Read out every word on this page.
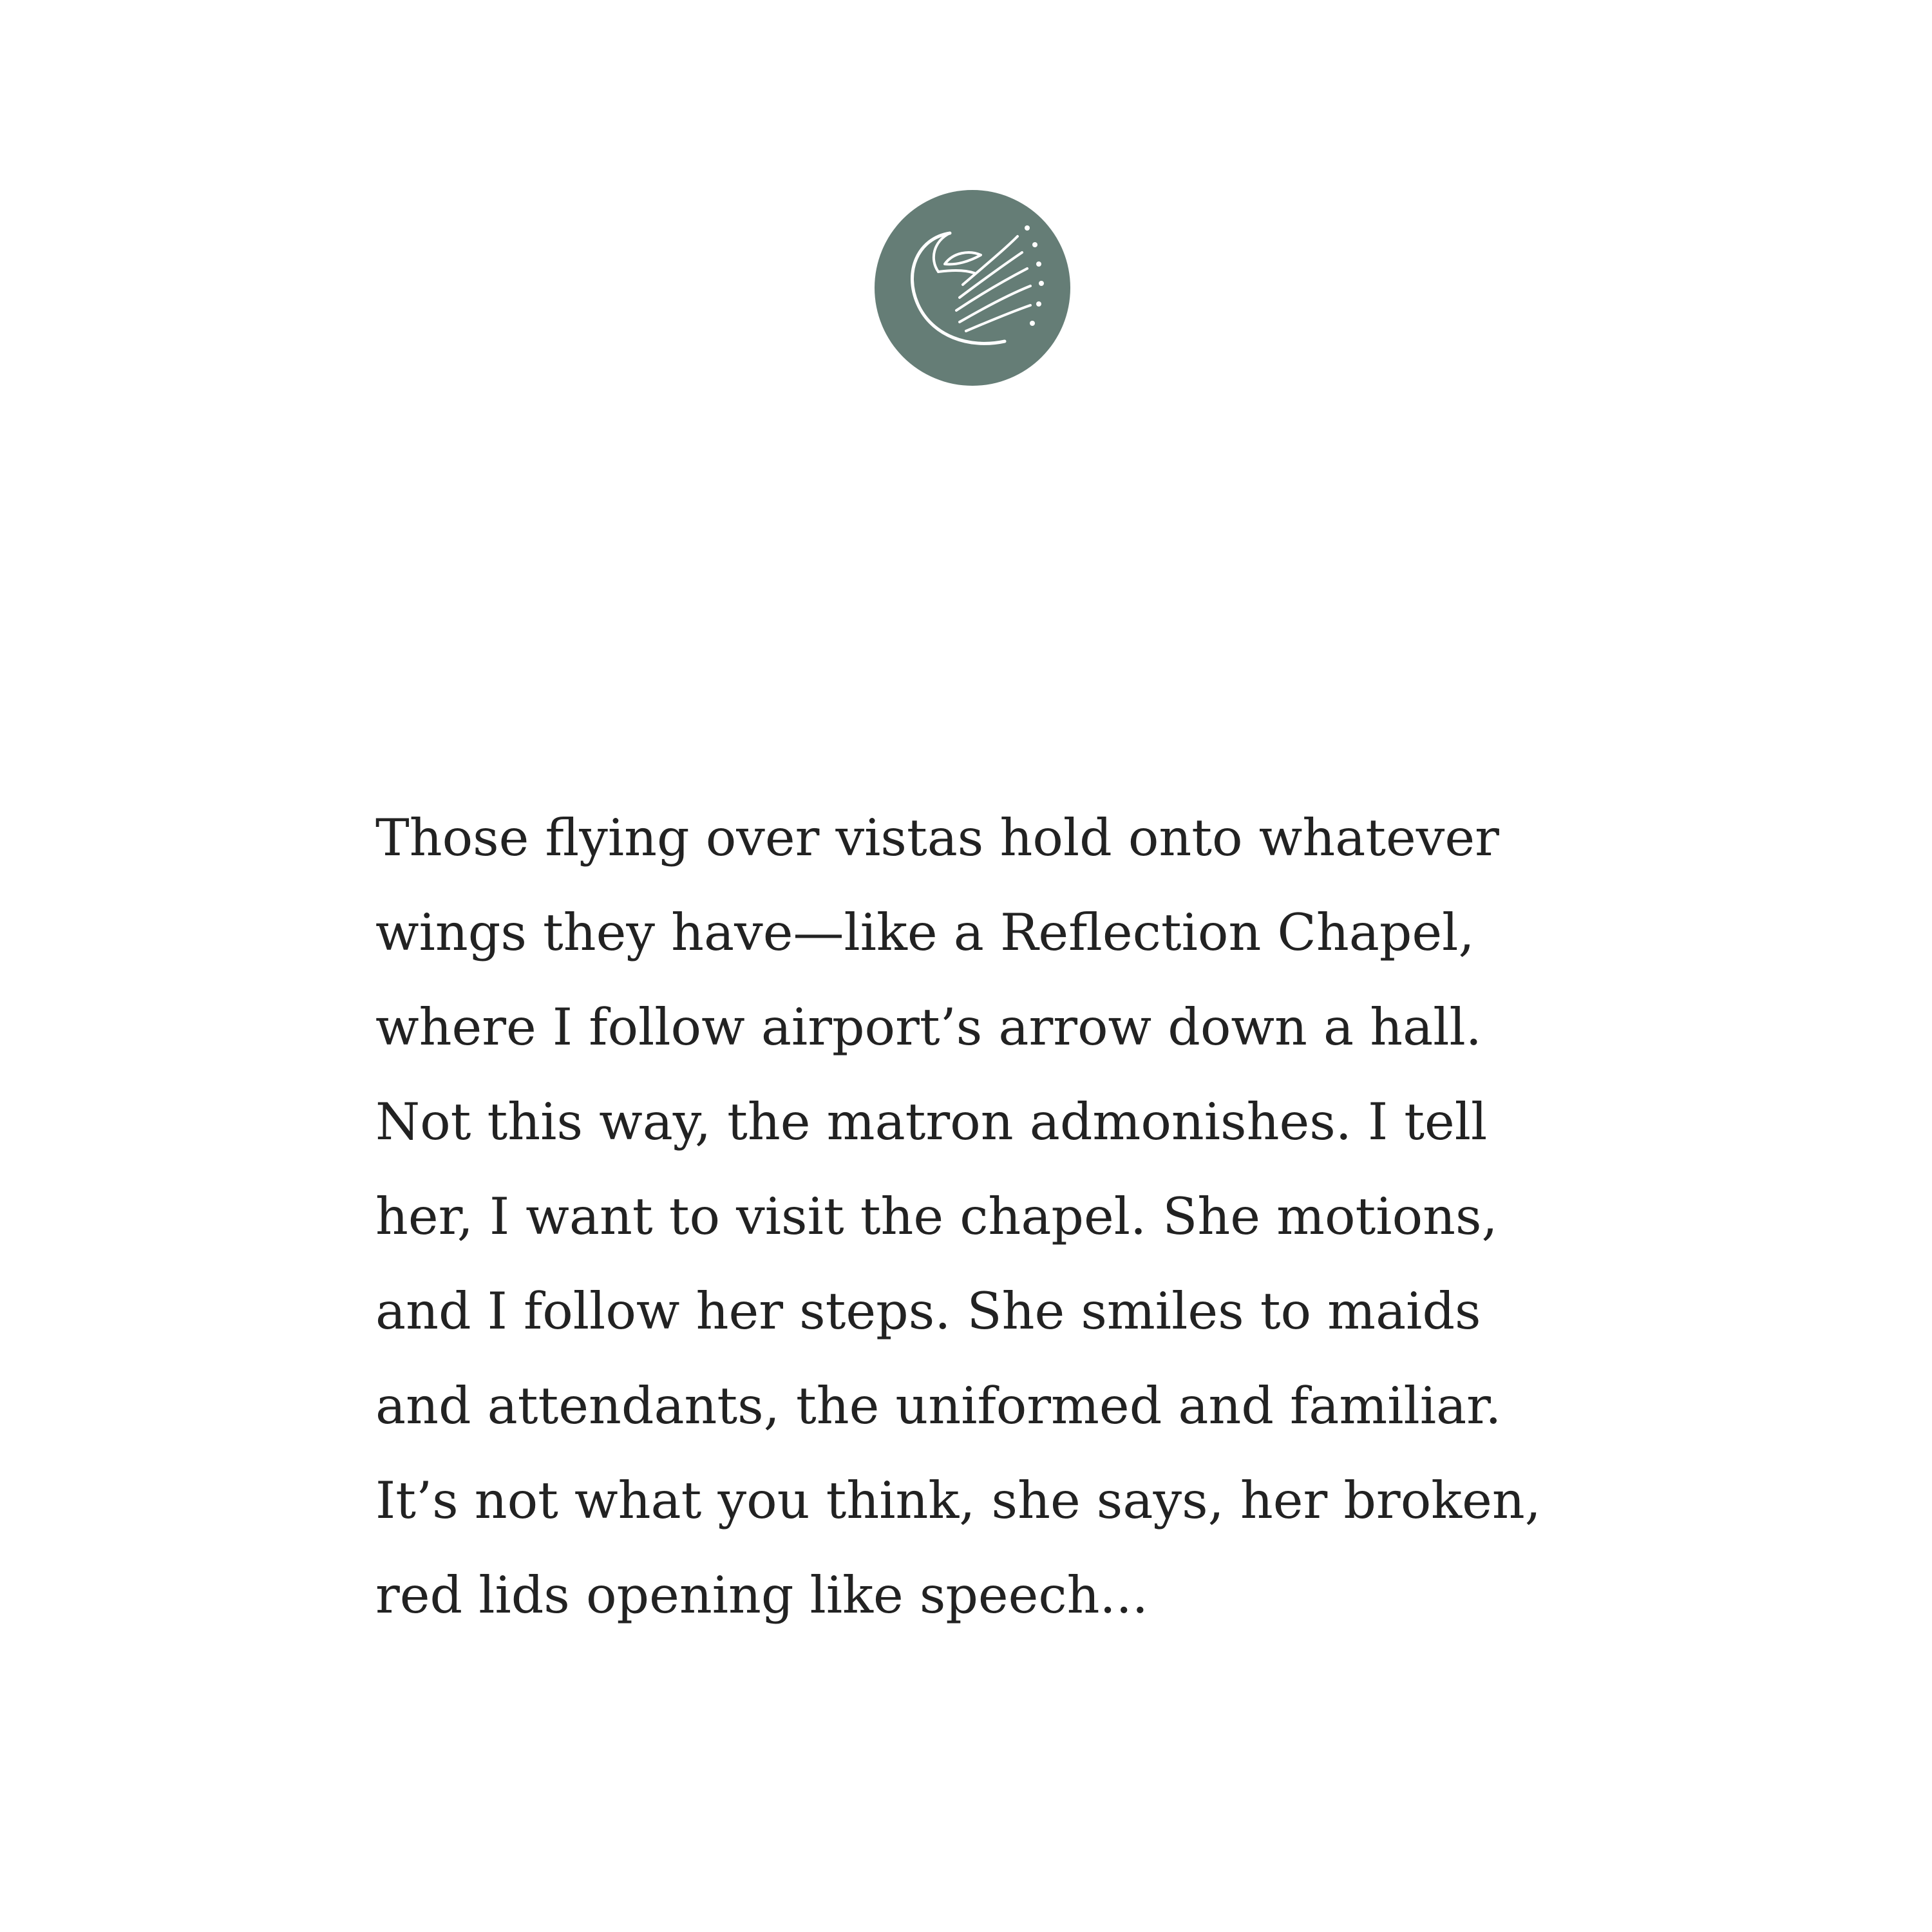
Those flying over vistas hold onto whatever
wings they have—like a Reflection Chapel,
where I follow airport’s arrow down a hall.
Not this way, the matron admonishes. I tell
her, I want to visit the chapel. She motions,
and I follow her steps. She smiles to maids
and attendants, the uniformed and familiar.
It’s not what you think, she says, her broken,
red lids opening like speech...
